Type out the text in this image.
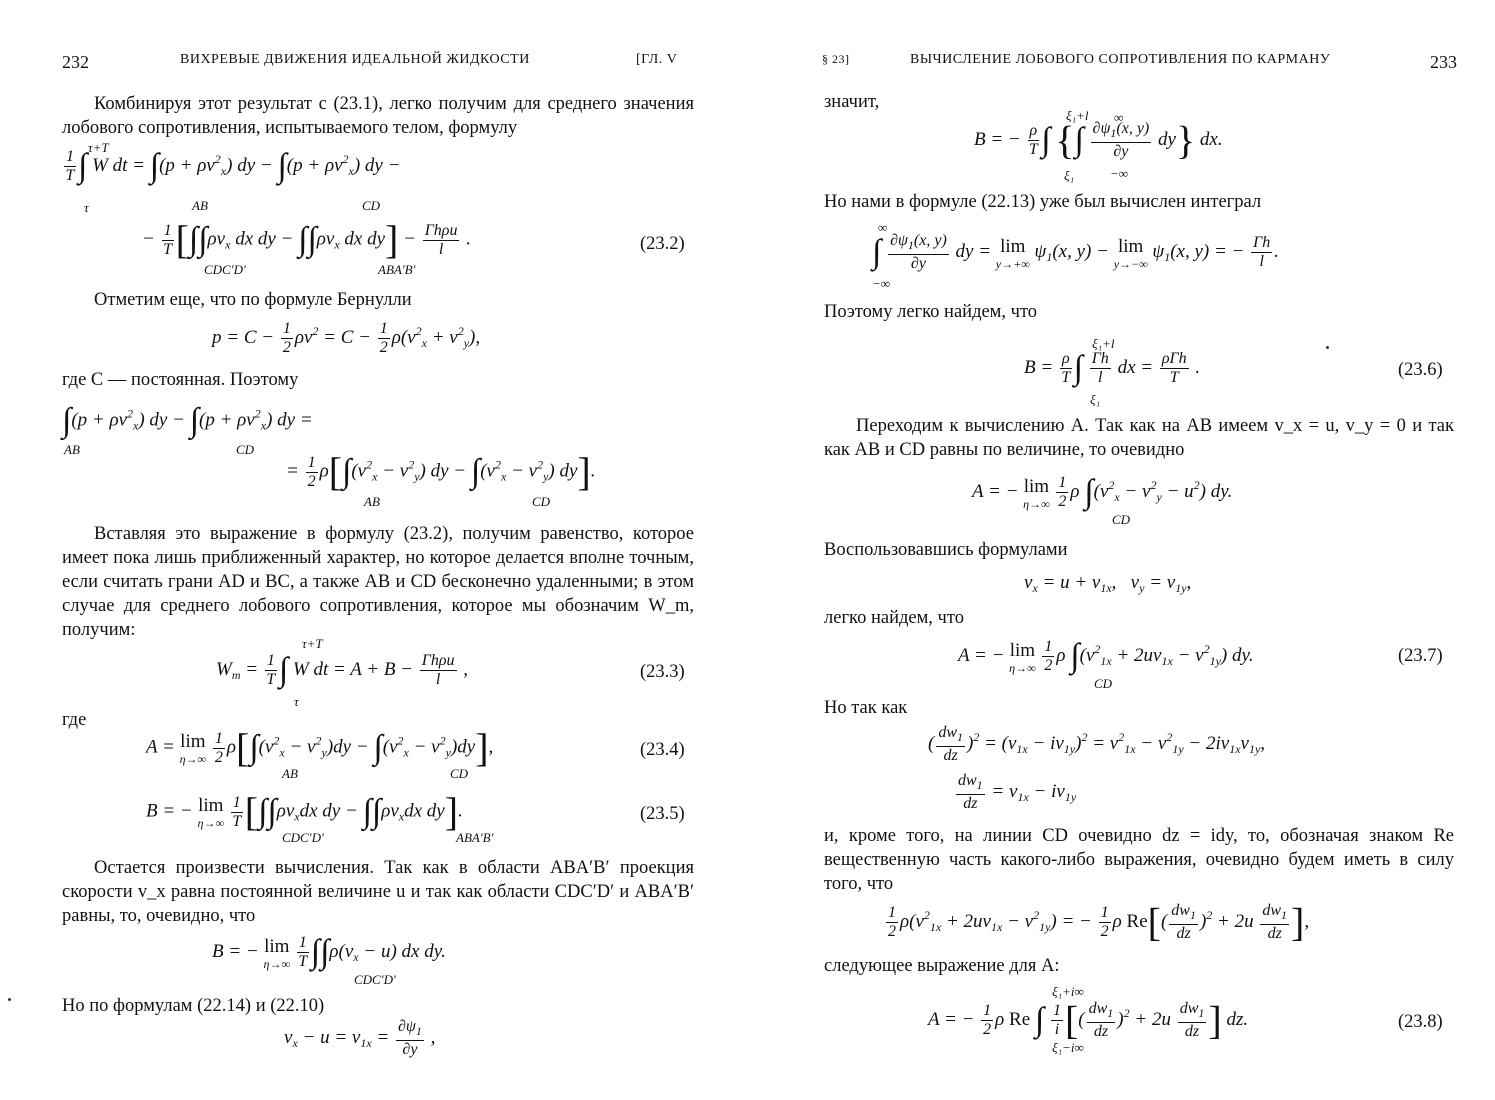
232	ВИХРЕВЫЕ ДВИЖЕНИЯ ИДЕАЛЬНОЙ ЖИДКОСТИ	[ГЛ. V
Комбинируя этот результат с (23.1), легко получим для среднего значения лобового сопротивления, испытываемого телом, формулу
$\frac{1}{T}$ ∫ W dt = $\int(p + \rho v^2_x)$ dy − $\int(p + \rho v^2_x)$ dy −
τ+T
τ	AB	CD
− $\frac{1}{T} [\int\int\rho v_x$ dx dy − $\int\int\rho v_x$ dx $dy] - \frac{\text{Γhρu}}{l}$ .
CDC′D′	ABA′B′
(23.2)
Отметим еще, что по формуле Бернулли
$p = C - \frac{1}{2} \rho v^2 = C - \frac{1}{2} \rho(v^2_x + v^2_y)$,
где C — постоянная. Поэтому
$\int(p + \rho v^2_x)$ dy − $\int(p + \rho v^2_x)$ dy =
AB	CD
= $\frac{1}{2} \rho[\int(v^2_x - v^2_y)$ dy − $\int(v^2_x - v^2_y)$ dy].
AB	CD
Вставляя это выражение в формулу (23.2), получим равенство, которое имеет пока лишь приближенный характер, но которое делается вполне точным, если считать грани AD и BC, а также AB и CD бесконечно удаленными; в этом случае для среднего лобового сопротивления, которое мы обозначим W_m, получим:
$W_m = \frac{1}{T}$ ∫ W dt = $A + B - \frac{\text{Γhρu}}{l}$ ,
τ+T
τ
(23.3)
где
A = lim
η→∞
$\frac{1}{2} \rho[\int(v^2_x - v^2_y)dy - \int(v^2_x - v^2_y)dy]$,
AB	CD
(23.4)
B = − lim
η→∞
$\frac{1}{T} [\int\int\rho v_xdx$ dy − $\int\int\rho v_xdx$ dy].
CDC′D′	ABA′B′
(23.5)
Остается произвести вычисления. Так как в области ABA′B′ проекция скорости v_x равна постоянной величине u и так как области CDC′D′ и ABA′B′ равны, то, очевидно, что
B = − lim
η→∞
$\frac{1}{T} \int\int\rho(v_x - u)$ dx dy.
CDC′D′
Но по формулам (22.14) и (22.10)
$v_x - u = v_{1x} = \frac{\partial\psi_1}{\partial y}$ ,
§ 23]	ВЫЧИСЛЕНИЕ ЛОБОВОГО СОПРОТИВЛЕНИЯ ПО КАРМАНУ	233
значит,
B = − $\frac{\rho}{T}$ ∫ {∫ $\frac{\partial\psi_1(x, y)}{\partial y} dy$} dx.
ξ₁+l
ξ₁
∞
−∞
Но нами в формуле (22.13) уже был вычислен интеграл
∫ $\frac{\partial\psi_1(x, y)}{\partial y}$ dy = lim
y→+∞
$\psi_1(x$, y) − lim
y→−∞
$\psi_1(x$, y) = − $\frac{\Gamma h}{l}$ .
∞
−∞
Поэтому легко найдем, что
$B = \frac{\rho}{T}$ ∫ $\frac{\Gamma h}{l}$ dx = $\frac{\text{ρΓh}}{T}$ .
ξ₁+l
ξ₁
(23.6)
Переходим к вычислению A. Так как на AB имеем v_x = u, v_y = 0 и так как AB и CD равны по величине, то очевидно
A = − lim
η→∞
$\frac{1}{2}$ ρ $\int(v^2_x - v^2_y - u^2)$ dy.
CD
Воспользовавшись формулами
$v_x = u + v_{1x}$,   $v_y = v_{1y}$,
легко найдем, что
A = − lim
η→∞
$\frac{1}{2}$ ρ $\int(v^2_{1x} + 2uv_{1x} - v^2_{1y})$ dy.
CD
(23.7)
Но так как
( $\frac{dw_1}{dz} )^2 = (v_{1x} - iv_{1y})^2 = v^2_{1x} - v^2_{1y} - 2iv_{1x}v_{1y}$,
$\frac{dw_1}{dz} = v_{1x} - iv_{1y}$
и, кроме того, на линии CD очевидно dz = idy, то, обозначая знаком Re вещественную часть какого-либо выражения, очевидно будем иметь в силу того, что
$\frac{1}{2} \rho(v^2_{1x} + 2uv_{1x} - v^2_{1y})$ = − $\frac{1}{2}$ ρ $Re[( \frac{dw_1}{dz} )^2 + 2u \frac{dw_1}{dz}$ ],
следующее выражение для A:
A = − $\frac{1}{2}$ ρ Re ∫ $\frac{1}{i}$ [( $\frac{dw_1}{dz} )^2 + 2u \frac{dw_1}{dz}$ ] dz.
ξ₁+i∞
ξ₁−i∞
(23.8)
